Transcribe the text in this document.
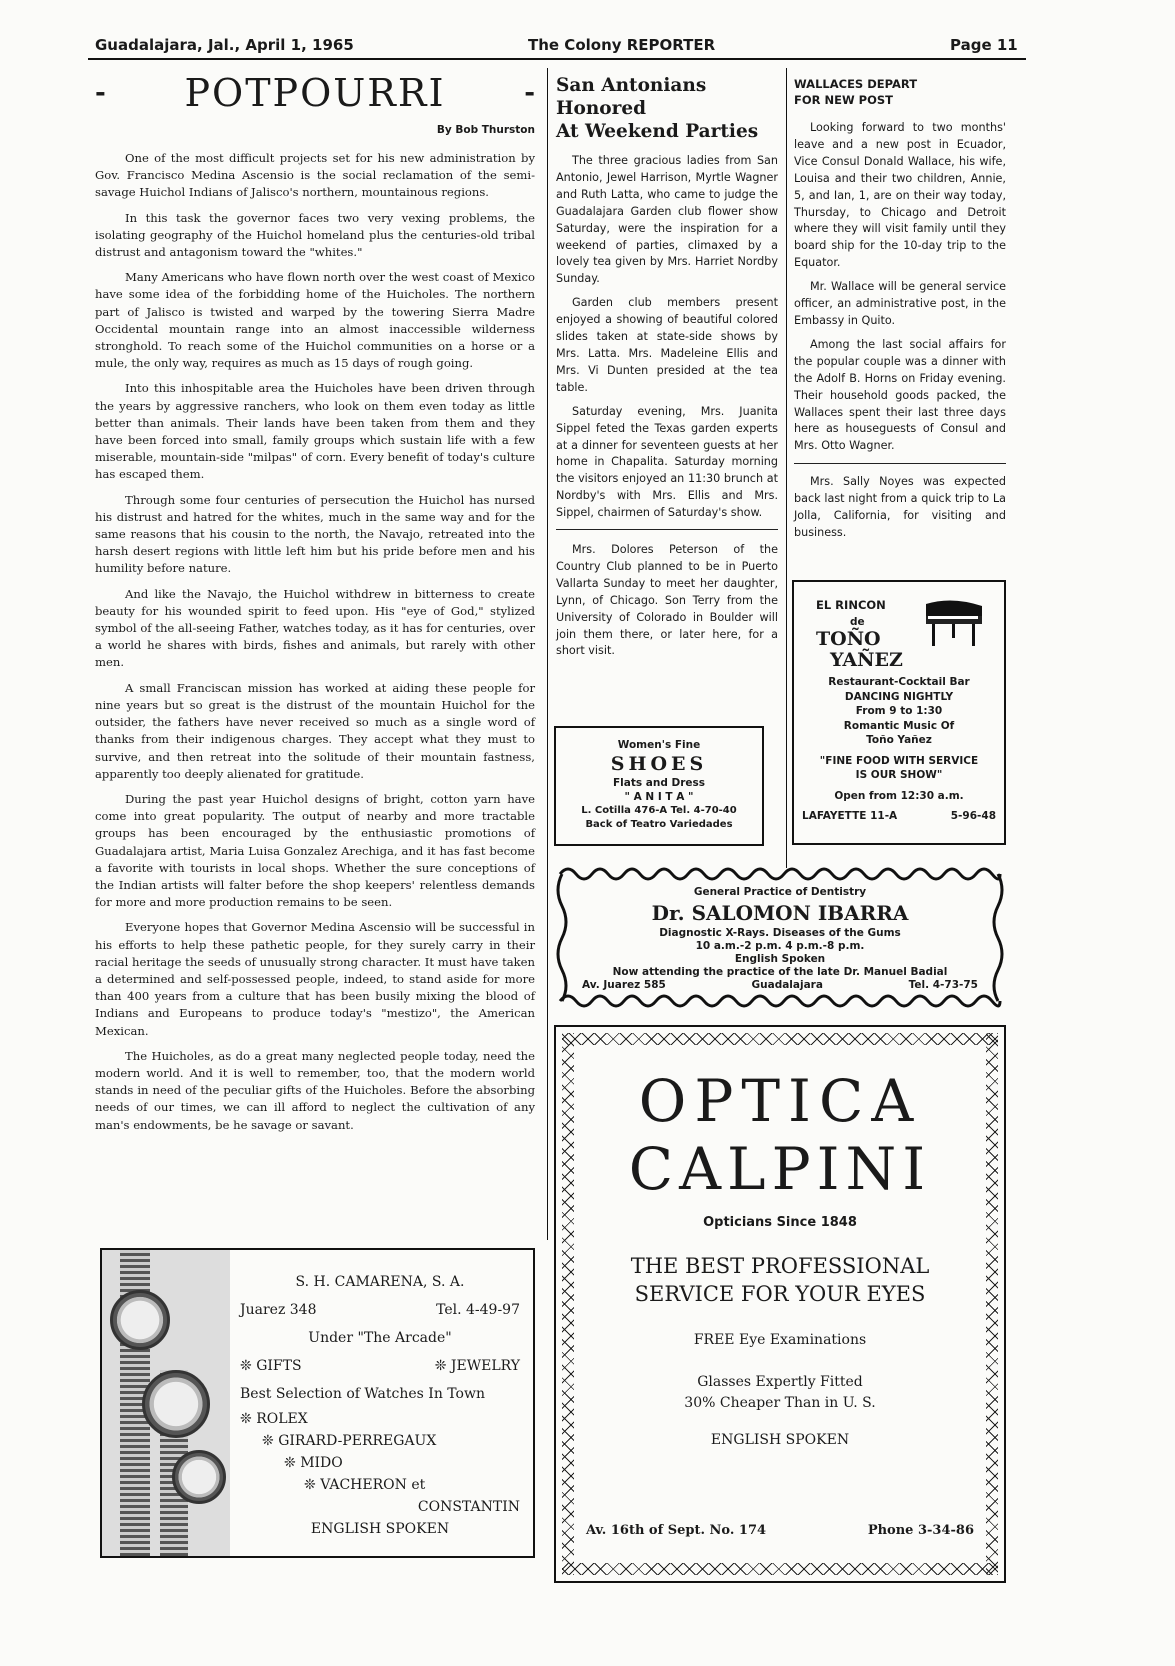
Guadalajara, Jal., April 1, 1965	The Colony REPORTER	Page 11
- POTPOURRI	-
By Bob Thurston

One of the most difficult projects set for his new administration by Gov. Francisco Medina Ascensio is the social reclamation of the semi-savage Huichol Indians of Jalisco's northern, mountainous regions.

In this task the governor faces two very vexing problems, the isolating geography of the Huichol homeland plus the centuries-old tribal distrust and antagonism toward the "whites."

Many Americans who have flown north over the west coast of Mexico have some idea of the forbidding home of the Huicholes. The northern part of Jalisco is twisted and warped by the towering Sierra Madre Occidental mountain range into an almost inaccessible wilderness stronghold. To reach some of the Huichol communities on a horse or a mule, the only way, requires as much as 15 days of rough going.

Into this inhospitable area the Huicholes have been driven through the years by aggressive ranchers, who look on them even today as little better than animals. Their lands have been taken from them and they have been forced into small, family groups which sustain life with a few miserable, mountain-side "milpas" of corn. Every benefit of today's culture has escaped them.

Through some four centuries of persecution the Huichol has nursed his distrust and hatred for the whites, much in the same way and for the same reasons that his cousin to the north, the Navajo, retreated into the harsh desert regions with little left him but his pride before men and his humility before nature.

And like the Navajo, the Huichol withdrew in bitterness to create beauty for his wounded spirit to feed upon. His "eye of God," stylized symbol of the all-seeing Father, watches today, as it has for centuries, over a world he shares with birds, fishes and animals, but rarely with other men.

A small Franciscan mission has worked at aiding these people for nine years but so great is the distrust of the mountain Huichol for the outsider, the fathers have never received so much as a single word of thanks from their indigenous charges. They accept what they must to survive, and then retreat into the solitude of their mountain fastness, apparently too deeply alienated for gratitude.

During the past year Huichol designs of bright, cotton yarn have come into great popularity. The output of nearby and more tractable groups has been encouraged by the enthusiastic promotions of Guadalajara artist, Maria Luisa Gonzalez Arechiga, and it has fast become a favorite with tourists in local shops. Whether the sure conceptions of the Indian artists will falter before the shop keepers' relentless demands for more and more production remains to be seen.

Everyone hopes that Governor Medina Ascensio will be successful in his efforts to help these pathetic people, for they surely carry in their racial heritage the seeds of unusually strong character. It must have taken a determined and self-possessed people, indeed, to stand aside for more than 400 years from a culture that has been busily mixing the blood of Indians and Europeans to produce today's "mestizo", the American Mexican.

The Huicholes, as do a great many neglected people today, need the modern world. And it is well to remember, too, that the modern world stands in need of the peculiar gifts of the Huicholes. Before the absorbing needs of our times, we can ill afford to neglect the cultivation of any man's endowments, be he savage or savant.

San Antonians Honored
At Weekend Parties

The three gracious ladies from San Antonio, Jewel Harrison, Myrtle Wagner and Ruth Latta, who came to judge the Guadalajara Garden club flower show Saturday, were the inspiration for a weekend of parties, climaxed by a lovely tea given by Mrs. Harriet Nordby Sunday.

Garden club members present enjoyed a showing of beautiful colored slides taken at state-side shows by Mrs. Latta. Mrs. Madeleine Ellis and Mrs. Vi Dunten presided at the tea table.

Saturday evening, Mrs. Juanita Sippel feted the Texas garden experts at a dinner for seventeen guests at her home in Chapalita. Saturday morning the visitors enjoyed an 11:30 brunch at Nordby's with Mrs. Ellis and Mrs. Sippel, chairmen of Saturday's show.

Mrs. Dolores Peterson of the Country Club planned to be in Puerto Vallarta Sunday to meet her daughter, Lynn, of Chicago. Son Terry from the University of Colorado in Boulder will join them there, or later here, for a short visit.

WALLACES DEPART
FOR NEW POST

Looking forward to two months' leave and a new post in Ecuador, Vice Consul Donald Wallace, his wife, Louisa and their two children, Annie, 5, and Ian, 1, are on their way today, Thursday, to Chicago and Detroit where they will visit family until they board ship for the 10-day trip to the Equator.

Mr. Wallace will be general service officer, an administrative post, in the Embassy in Quito.

Among the last social affairs for the popular couple was a dinner with the Adolf B. Horns on Friday evening. Their household goods packed, the Wallaces spent their last three days here as houseguests of Consul and Mrs. Otto Wagner.

Mrs. Sally Noyes was expected back last night from a quick trip to La Jolla, California, for visiting and business.

EL RINCON
de
TOÑO
YAÑEZ
Restaurant-Cocktail Bar
DANCING NIGHTLY
From 9 to 1:30
Romantic Music Of
Toño Yañez
"FINE FOOD WITH SERVICE
IS OUR SHOW"
Open from 12:30 a.m.
LAFAYETTE 11-A	5-96-48
Women's Fine
SHOES
Flats and Dress
" A N I T A "
L. Cotilla 476-A Tel. 4-70-40
Back of Teatro Variedades
General Practice of Dentistry
Dr. SALOMON IBARRA
Diagnostic X-Rays. Diseases of the Gums
10 a.m.-2 p.m. 4 p.m.-8 p.m.
English Spoken
Now attending the practice of the late Dr. Manuel Badial
Av. Juarez 585	Guadalajara	Tel. 4-73-75
OPTICA
CALPINI
Opticians Since 1848
THE BEST PROFESSIONAL
SERVICE FOR YOUR EYES
FREE Eye Examinations
Glasses Expertly Fitted
30% Cheaper Than in U. S.
ENGLISH SPOKEN
Av. 16th of Sept. No. 174	Phone 3-34-86
S. H. CAMARENA, S. A.
Juarez 348	Tel. 4-49-97
Under "The Arcade"
❊ GIFTS	❊ JEWELRY
Best Selection of Watches In Town
❊ ROLEX
❊ GIRARD-PERREGAUX
❊ MIDO
❊ VACHERON et
CONSTANTIN
ENGLISH SPOKEN
